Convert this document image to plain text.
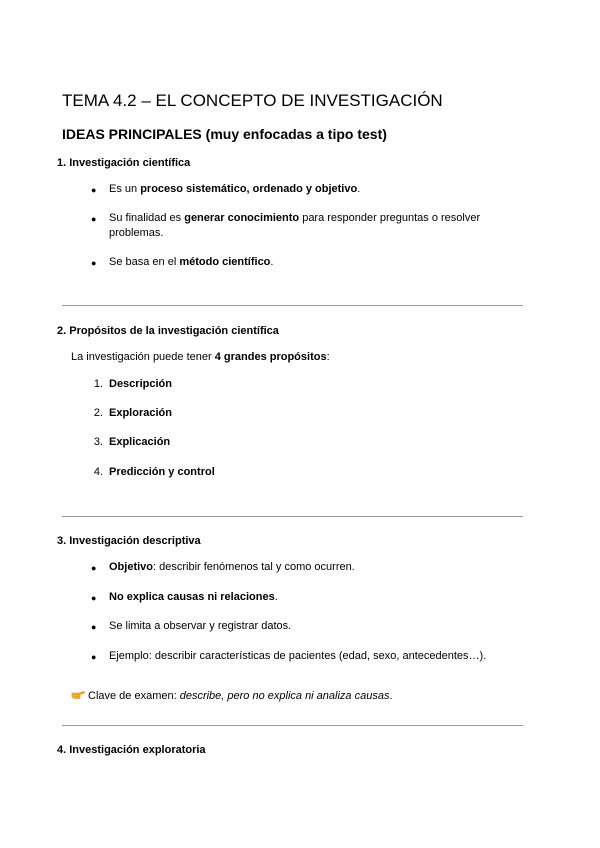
TEMA 4.2 – EL CONCEPTO DE INVESTIGACIÓN
IDEAS PRINCIPALES (muy enfocadas a tipo test)
1. Investigación científica
● Es un proceso sistemático, ordenado y objetivo.
● Su finalidad es generar conocimiento para responder preguntas o resolver
problemas.
● Se basa en el método científico.
2. Propósitos de la investigación científica
La investigación puede tener 4 grandes propósitos:
1. Descripción
2. Exploración
3. Explicación
4. Predicción y control
3. Investigación descriptiva
● Objetivo: describir fenómenos tal y como ocurren.
● No explica causas ni relaciones.
● Se limita a observar y registrar datos.
● Ejemplo: describir características de pacientes (edad, sexo, antecedentes…).
Clave de examen: describe, pero no explica ni analiza causas.
4. Investigación exploratoria
